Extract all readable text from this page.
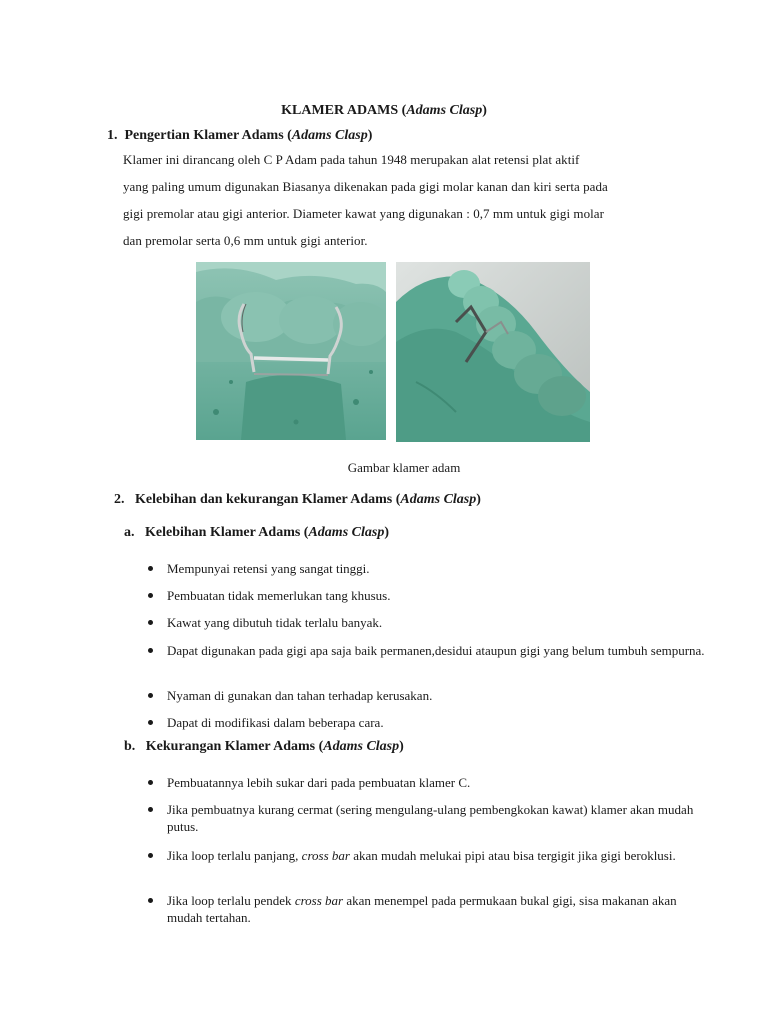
KLAMER ADAMS (Adams Clasp)
1. Pengertian Klamer Adams (Adams Clasp)
Klamer ini dirancang oleh C P Adam pada tahun 1948 merupakan alat retensi plat aktif
yang paling umum digunakan Biasanya dikenakan pada gigi molar kanan dan kiri serta pada
gigi premolar atau gigi anterior. Diameter kawat yang digunakan : 0,7 mm untuk gigi molar
dan premolar serta 0,6 mm untuk gigi anterior.
Gambar klamer adam
2. Kelebihan dan kekurangan Klamer Adams (Adams Clasp)
a. Kelebihan Klamer Adams (Adams Clasp)
Mempunyai retensi yang sangat tinggi.
Pembuatan tidak memerlukan tang khusus.
Kawat yang dibutuh tidak terlalu banyak.
Dapat digunakan pada gigi apa saja baik permanen,desidui ataupun gigi yang belum tumbuh sempurna.
Nyaman di gunakan dan tahan terhadap kerusakan.
Dapat di modifikasi dalam beberapa cara.
b. Kekurangan Klamer Adams (Adams Clasp)
Pembuatannya lebih sukar dari pada pembuatan klamer C.
Jika pembuatnya kurang cermat (sering mengulang-ulang pembengkokan kawat) klamer akan mudah putus.
Jika loop terlalu panjang, cross bar akan mudah melukai pipi atau bisa tergigit jika gigi beroklusi.
Jika loop terlalu pendek cross bar akan menempel pada permukaan bukal gigi, sisa makanan akan mudah tertahan.
